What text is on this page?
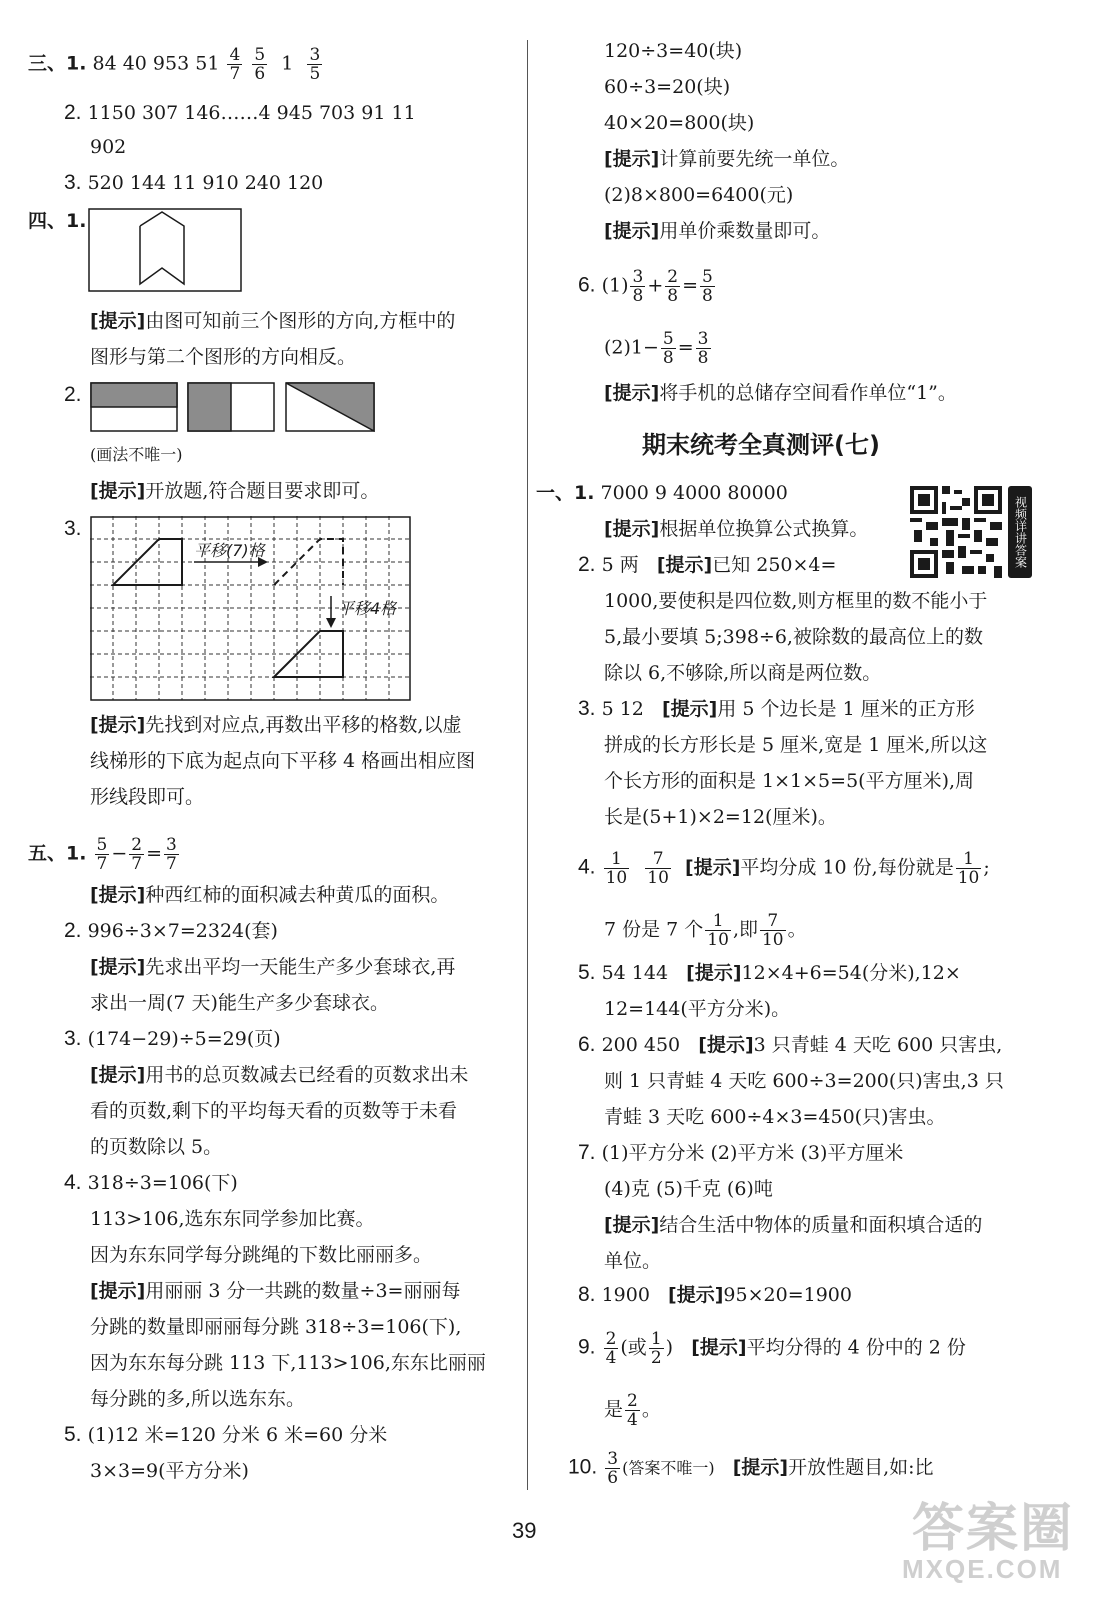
三、1. 84 40 953 $51 \frac{4}{7}$
$\frac{5}{6} 1 \frac{3}{5}$
2. 1150 307 146……4 945 703 91 11
902
3. 520 144 11 910 240 120
四、1.
[提示]由图可知前三个图形的方向,方框中的
图形与第二个图形的方向相反。
2.
(画法不唯一)
[提示]开放题,符合题目要求即可。
3.
平移(7)格
平移4格
[提示]先找到对应点,再数出平移的格数,以虚
线梯形的下底为起点向下平移 4 格画出相应图
形线段即可。
五、1. $\frac{5}{7} - \frac{2}{7} = \frac{3}{7}$
[提示]种西红柿的面积减去种黄瓜的面积。
2. 996÷3×7=2324(套)
[提示]先求出平均一天能生产多少套球衣,再
求出一周(7 天)能生产多少套球衣。
3. (174−29)÷5=29(页)
[提示]用书的总页数减去已经看的页数求出未
看的页数,剩下的平均每天看的页数等于未看
的页数除以 5。
4. 318÷3=106(下)
113>106,选东东同学参加比赛。
因为东东同学每分跳绳的下数比丽丽多。
[提示]用丽丽 3 分一共跳的数量÷3=丽丽每
分跳的数量即丽丽每分跳 318÷3=106(下),
因为东东每分跳 113 下,113>106,东东比丽丽
每分跳的多,所以选东东。
5. (1)12 米=120 分米 6 米=60 分米
3×3=9(平方分米)
120÷3=40(块)
60÷3=20(块)
40×20=800(块)
[提示]计算前要先统一单位。
(2)8×800=6400(元)
[提示]用单价乘数量即可。
6. $(1) \frac{3}{8} + \frac{2}{8} = \frac{5}{8}$
$(2)1- \frac{5}{8} = \frac{3}{8}$
[提示]将手机的总储存空间看作单位“1”。
期末统考全真测评(七)
一、1. 7000 9 4000 80000
[提示]根据单位换算公式换算。
2. 5 两 [提示]已知 250×4=
1000,要使积是四位数,则方框里的数不能小于
5,最小要填 5;398÷6,被除数的最高位上的数
除以 6,不够除,所以商是两位数。
3. 5 12 [提示]用 5 个边长是 1 厘米的正方形
拼成的长方形长是 5 厘米,宽是 1 厘米,所以这
个长方形的面积是 1×1×5=5(平方厘米),周
长是(5+1)×2=12(厘米)。
4. $\frac{1}{10}$
$\frac{7}{10}$ [提示]平均分成 10 份,每份就是 $\frac{1}{10}$ ;
7 份是 7 个 $\frac{1}{10}$ ,即 $\frac{7}{10}$ 。
5. 54 144 [提示]12×4+6=54(分米),12×
12=144(平方分米)。
6. 200 450 [提示]3 只青蛙 4 天吃 600 只害虫,
则 1 只青蛙 4 天吃 600÷3=200(只)害虫,3 只
青蛙 3 天吃 600÷4×3=450(只)害虫。
7. (1)平方分米 (2)平方米 (3)平方厘米
(4)克 (5)千克 (6)吨
[提示]结合生活中物体的质量和面积填合适的
单位。
8. 1900 [提示]95×20=1900
9. $\frac{2}{4}$ (或 $\frac{1}{2}$ ) [提示]平均分得的 4 份中的 2 份
是 $\frac{2}{4}$ 。
10. $\frac{3}{6}$ (答案不唯一) [提示]开放性题目,如:比
视频详讲答案
39	答案圈
MXQE.COM
